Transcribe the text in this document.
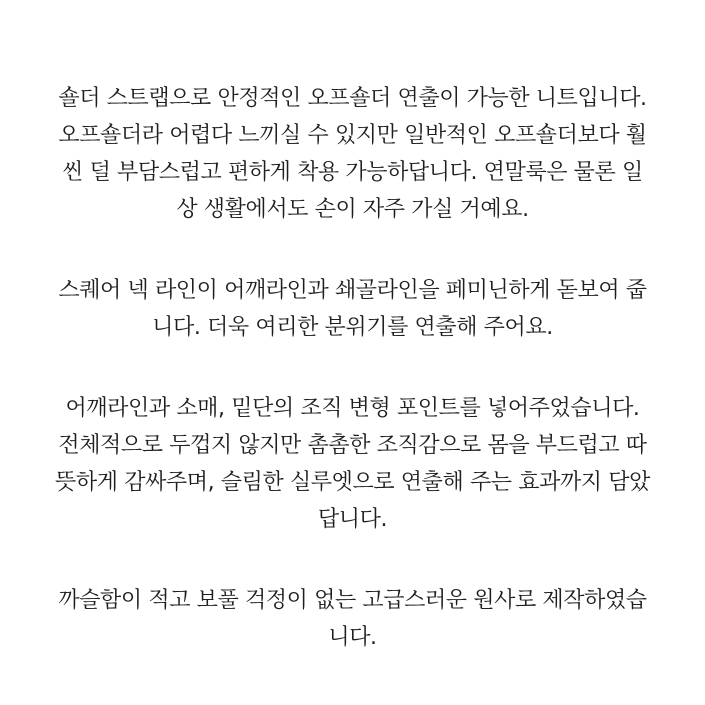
숄더 스트랩으로 안정적인 오프숄더 연출이 가능한 니트입니다.
오프숄더라 어렵다 느끼실 수 있지만 일반적인 오프숄더보다 훨
씬 덜 부담스럽고 편하게 착용 가능하답니다. 연말룩은 물론 일
상 생활에서도 손이 자주 가실 거예요.
스퀘어 넥 라인이 어깨라인과 쇄골라인을 페미닌하게 돋보여 줍
니다. 더욱 여리한 분위기를 연출해 주어요.
어깨라인과 소매, 밑단의 조직 변형 포인트를 넣어주었습니다.
전체적으로 두껍지 않지만 촘촘한 조직감으로 몸을 부드럽고 따
뜻하게 감싸주며, 슬림한 실루엣으로 연출해 주는 효과까지 담았
답니다.
까슬함이 적고 보풀 걱정이 없는 고급스러운 원사로 제작하였습
니다.
